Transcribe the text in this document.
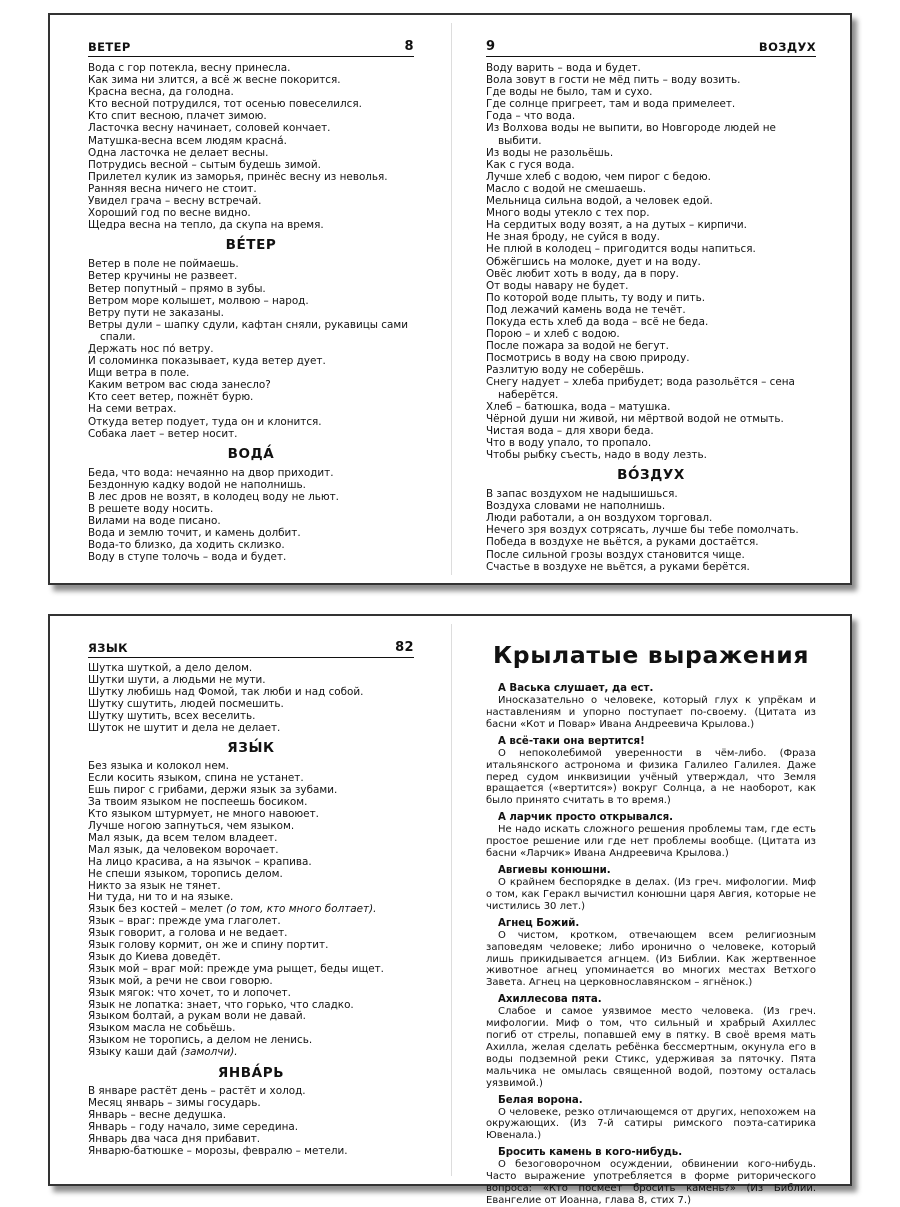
ВЕТЕР	8
Вода с гор потекла, весну принесла.
Как зима ни злится, а всё ж весне покорится.
Красна весна, да голодна.
Кто весной потрудился, тот осенью повеселился.
Кто спит весною, плачет зимою.
Ласточка весну начинает, соловей кончает.
Матушка-весна всем людям красна́.
Одна ласточка не делает весны.
Потрудись весной – сытым будешь зимой.
Прилетел кулик из заморья, принёс весну из неволья.
Ранняя весна ничего не стоит.
Увидел грача – весну встречай.
Хороший год по весне видно.
Щедра весна на тепло, да скупа на время.
ВЕ́ТЕР
Ветер в поле не поймаешь.
Ветер кручины не развеет.
Ветер попутный – прямо в зубы.
Ветром море колышет, молвою – народ.
Ветру пути не заказаны.
Ветры дули – шапку сдули, кафтан сняли, рукавицы сами спали.
Держать нос по́ ветру.
И соломинка показывает, куда ветер дует.
Ищи ветра в поле.
Каким ветром вас сюда занесло?
Кто сеет ветер, пожнёт бурю.
На семи ветрах.
Откуда ветер подует, туда он и клонится.
Собака лает – ветер носит.
ВОДА́
Беда, что вода: нечаянно на двор приходит.
Бездонную кадку водой не наполнишь.
В лес дров не возят, в колодец воду не льют.
В решете воду носить.
Вилами на воде писано.
Вода и землю точит, и камень долбит.
Вода-то близко, да ходить склизко.
Воду в ступе толочь – вода и будет.
9	ВОЗДУХ
Воду варить – вода и будет.
Вола зовут в гости не мёд пить – воду возить.
Где воды не было, там и сухо.
Где солнце пригреет, там и вода примелеет.
Года – что вода.
Из Волхова воды не выпити, во Новгороде людей не выбити.
Из воды не разольёшь.
Как с гуся вода.
Лучше хлеб с водою, чем пирог с бедою.
Масло с водой не смешаешь.
Мельница сильна водой, а человек едой.
Много воды утекло с тех пор.
На сердитых воду возят, а на дутых – кирпичи.
Не зная броду, не суйся в воду.
Не плюй в колодец – пригодится воды напиться.
Обжёгшись на молоке, дует и на воду.
Овёс любит хоть в воду, да в пору.
От воды навару не будет.
По которой воде плыть, ту воду и пить.
Под лежачий камень вода не течёт.
Покуда есть хлеб да вода – всё не беда.
Порою – и хлеб с водою.
После пожара за водой не бегут.
Посмотрись в воду на свою природу.
Разлитую воду не соберёшь.
Снегу надует – хлеба прибудет; вода разольётся – сена наберётся.
Хлеб – батюшка, вода – матушка.
Чёрной души ни живой, ни мёртвой водой не отмыть.
Чистая вода – для хвори беда.
Что в воду упало, то пропало.
Чтобы рыбку съесть, надо в воду лезть.
ВО́ЗДУХ
В запас воздухом не надышишься.
Воздуха словами не наполнишь.
Люди работали, а он воздухом торговал.
Нечего зря воздух сотрясать, лучше бы тебе помолчать.
Победа в воздухе не вьётся, а руками достаётся.
После сильной грозы воздух становится чище.
Счастье в воздухе не вьётся, а руками берётся.
ЯЗЫК	82
Шутка шуткой, а дело делом.
Шутки шути, а людьми не мути.
Шутку любишь над Фомой, так люби и над собой.
Шутку сшутить, людей посмешить.
Шутку шутить, всех веселить.
Шуток не шутит и дела не делает.
ЯЗЫ́К
Без языка и колокол нем.
Если косить языком, спина не устанет.
Ешь пирог с грибами, держи язык за зубами.
За твоим языком не поспеешь босиком.
Кто языком штурмует, не много навоюет.
Лучше ногою запнуться, чем языком.
Мал язык, да всем телом владеет.
Мал язык, да человеком ворочает.
На лицо красива, а на язычок – крапива.
Не спеши языком, торопись делом.
Никто за язык не тянет.
Ни туда, ни то и на языке.
Язык без костей – мелет (о том, кто много болтает).
Язык – враг: прежде ума глаголет.
Язык говорит, а голова и не ведает.
Язык голову кормит, он же и спину портит.
Язык до Киева доведёт.
Язык мой – враг мой: прежде ума рыщет, беды ищет.
Язык мой, а речи не свои говорю.
Язык мягок: что хочет, то и лопочет.
Язык не лопатка: знает, что горько, что сладко.
Языком болтай, а рукам воли не давай.
Языком масла не собьёшь.
Языком не торопись, а делом не ленись.
Языку каши дай (замолчи).
ЯНВА́РЬ
В январе растёт день – растёт и холод.
Месяц январь – зимы государь.
Январь – весне дедушка.
Январь – году начало, зиме середина.
Январь два часа дня прибавит.
Январю-батюшке – морозы, февралю – метели.
Крылатые выражения
А Васька слушает, да ест.

Иносказательно о человеке, который глух к упрёкам и наставлениям и упорно поступает по-своему. (Цитата из басни «Кот и Повар» Ивана Андреевича Крылова.)

А всё-таки она вертится!

О непоколебимой уверенности в чём-либо. (Фраза итальянского астронома и физика Галилео Галилея. Даже перед судом инквизиции учёный утверждал, что Земля вращается («вертится») вокруг Солнца, а не наоборот, как было принято считать в то время.)

А ларчик просто открывался.

Не надо искать сложного решения проблемы там, где есть простое решение или где нет проблемы вообще. (Цитата из басни «Ларчик» Ивана Андреевича Крылова.)

Авгиевы конюшни.

О крайнем беспорядке в делах. (Из греч. мифологии. Миф о том, как Геракл вычистил конюшни царя Авгия, которые не чистились 30 лет.)

Агнец Божий.

О чистом, кротком, отвечающем всем религиозным заповедям человеке; либо иронично о человеке, который лишь прикидывается агнцем. (Из Библии. Как жертвенное животное агнец упоминается во многих местах Ветхого Завета. Агнец на церковнославянском – ягнёнок.)

Ахиллесова пята.

Слабое и самое уязвимое место человека. (Из греч. мифологии. Миф о том, что сильный и храбрый Ахиллес погиб от стрелы, попавшей ему в пятку. В своё время мать Ахилла, желая сделать ребёнка бессмертным, окунула его в воды подземной реки Стикс, удерживая за пяточку. Пята мальчика не омылась священной водой, поэтому осталась уязвимой.)

Белая ворона.

О человеке, резко отличающемся от других, непохожем на окружающих. (Из 7-й сатиры римского поэта-сатирика Ювенала.)

Бросить камень в кого-нибудь.

О безоговорочном осуждении, обвинении кого-нибудь. Часто выражение употребляется в форме риторического вопроса: «Кто посмеет бросить камень?» (Из Библии. Евангелие от Иоанна, глава 8, стих 7.)
